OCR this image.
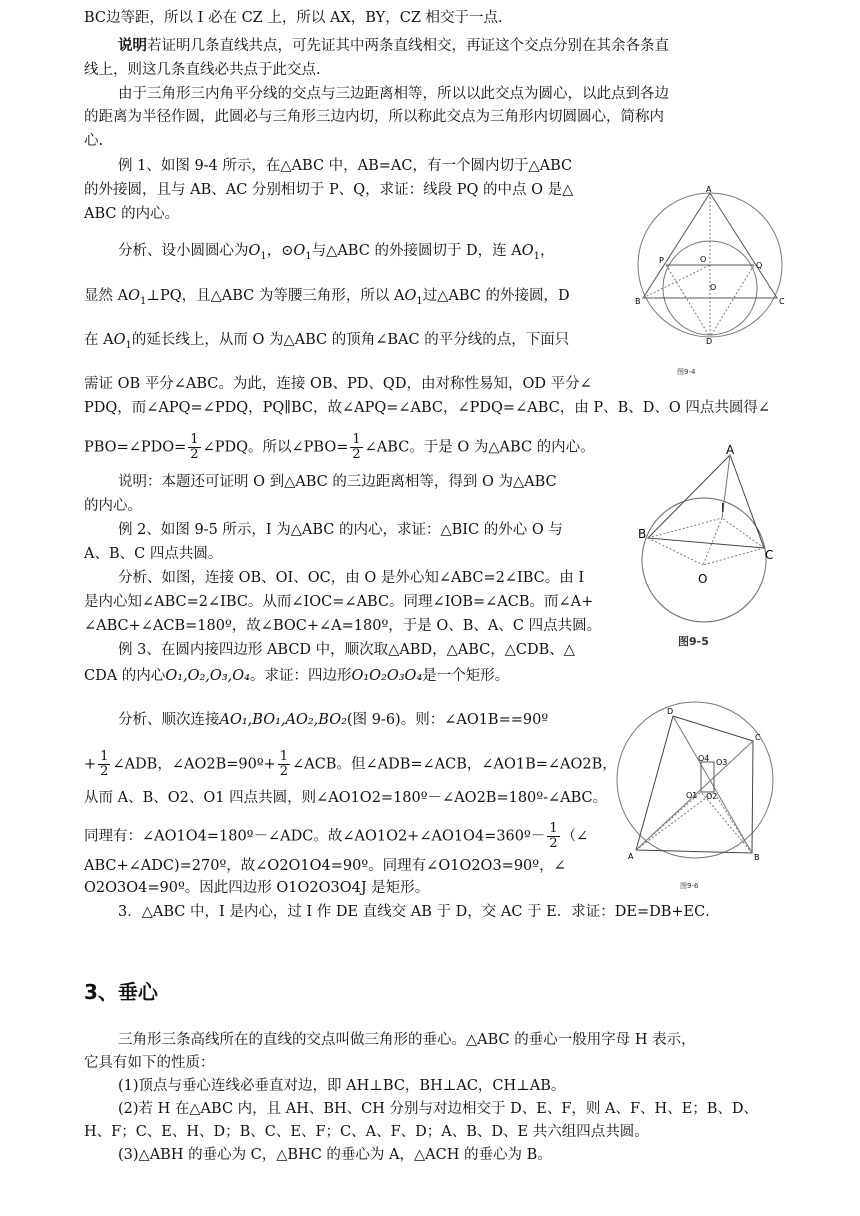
BC边等距，所以 I 必在 CZ 上，所以 AX，BY，CZ 相交于一点.
说明若证明几条直线共点，可先证其中两条直线相交，再证这个交点分别在其余各条直
线上，则这几条直线必共点于此交点.
由于三角形三内角平分线的交点与三边距离相等，所以以此交点为圆心，以此点到各边
的距离为半径作圆，此圆必与三角形三边内切，所以称此交点为三角形内切圆圆心，简称内
心.
例 1、如图 9-4 所示，在△ABC 中，AB=AC，有一个圆内切于△ABC
的外接圆，且与 AB、AC 分别相切于 P、Q，求证：线段 PQ 的中点 O 是△
ABC 的内心。
分析、设小圆圆心为$O_1$，$⊙O_1$与△ABC 的外接圆切于 D，连 $AO_1$，
显然 $AO_1\perp PQ$，且△ABC 为等腰三角形，所以 $AO_1$过△ABC 的外接圆，D
在 $AO_1$的延长线上，从而 O 为△ABC 的顶角∠BAC 的平分线的点，下面只
需证 OB 平分∠ABC。为此，连接 OB、PD、QD，由对称性易知，OD 平分∠
PDQ，而∠APQ=∠PDQ，PQ∥BC，故∠APQ=∠ABC，∠PDQ=∠ABC，由 P、B、D、O 四点共圆得∠
PBO=∠PDO= $\frac{1}{2}$ ∠PDQ。所以∠PBO= $\frac{1}{2}$ ∠ABC。于是 O 为△ABC 的内心。
说明：本题还可证明 O 到△ABC 的三边距离相等，得到 O 为△ABC
的内心。
例 2、如图 9-5 所示，I 为△ABC 的内心，求证：△BIC 的外心 O 与
A、B、C 四点共圆。
分析、如图，连接 OB、OI、OC，由 O 是外心知∠ABC=2∠IBC。由 I
是内心知∠ABC=2∠IBC。从而∠IOC=∠ABC。同理∠IOB=∠ACB。而∠A+
∠ABC+∠ACB=180º，故∠BOC+∠A=180º，于是 O、B、A、C 四点共圆。
例 3、在圆内接四边形 ABCD 中，顺次取△ABD，△ABC，△CDB、△
CDA 的内心O₁,O₂,O₃,O₄。求证：四边形O₁O₂O₃O₄是一个矩形。
分析、顺次连接AO₁,BO₁,AO₂,BO₂(图 9-6)。则：∠AO1B==90º
+ $\frac{1}{2}$ ∠ADB，∠AO2B=90º+ $\frac{1}{2}$ ∠ACB。但∠ADB=∠ACB，∠AO1B=∠AO2B，
从而 A、B、O2、O1 四点共圆，则∠AO1O2=180º－∠AO2B=180º-∠ABC。
同理有：∠AO1O4=180º－∠ADC。故∠AO1O2+∠AO1O4=360º－ $\frac{1}{2}$ （∠
ABC+∠ADC)=270º，故∠O2O1O4=90º。同理有∠O1O2O3=90º，∠
O2O3O4=90º。因此四边形 O1O2O3O4J 是矩形。
3．△ABC 中，I 是内心，过 I 作 DE 直线交 AB 于 D，交 AC 于 E．求证：DE=DB+EC．
3、垂心
三角形三条高线所在的直线的交点叫做三角形的垂心。△ABC 的垂心一般用字母 H 表示，
它具有如下的性质：
(1)顶点与垂心连线必垂直对边，即 AH⊥BC，BH⊥AC，CH⊥AB。
(2)若 H 在△ABC 内，且 AH、BH、CH 分别与对边相交于 D、E、F，则 A、F、H、E；B、D、
H、F；C、E、H、D；B、C、E、F；C、A、F、D；A、B、D、E 共六组四点共圆。
(3)△ABH 的垂心为 C，△BHC 的垂心为 A，△ACH 的垂心为 B。
A
B	C
P
Q
O
O
D
图9-4
A
B
C
I
O
图9-5
D
C
A	B
O4 O3
O1 O2
图9-6
